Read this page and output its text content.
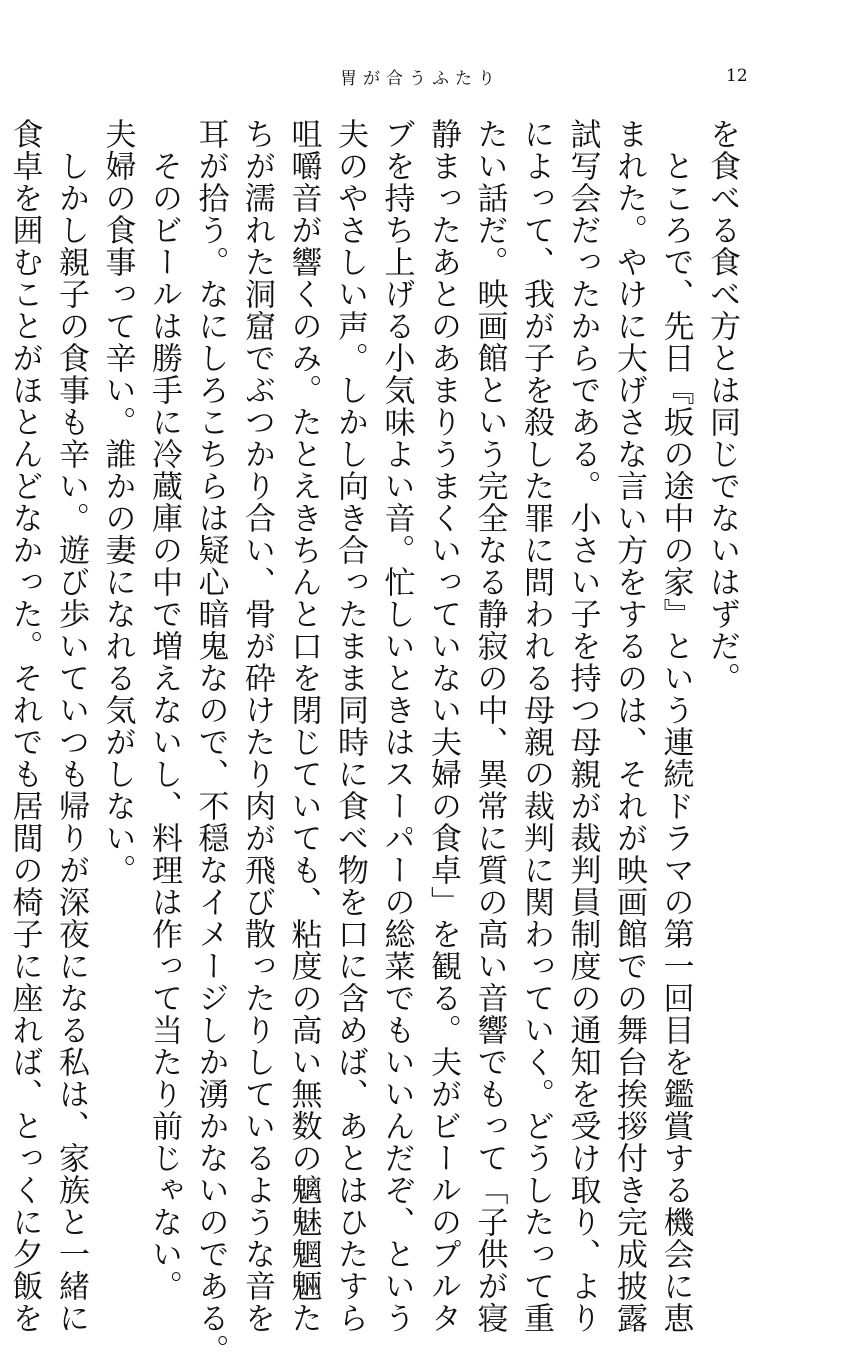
胃が合うふたり	12
を食べる食べ方とは同じでないはずだ。
　ところで、先日『坂の途中の家』という連続ドラマの第一回目を鑑賞する機会に恵
まれた。やけに大げさな言い方をするのは、それが映画館での舞台挨拶付き完成披露
試写会だったからである。小さい子を持つ母親が裁判員制度の通知を受け取り、より
によって、我が子を殺した罪に問われる母親の裁判に関わっていく。どうしたって重
たい話だ。映画館という完全なる静寂の中、異常に質の高い音響でもって「子供が寝
静まったあとのあまりうまくいっていない夫婦の食卓」を観る。夫がビールのプルタ
ブを持ち上げる小気味よい音。忙しいときはスーパーの総菜でもいいんだぞ、という
夫のやさしい声。しかし向き合ったまま同時に食べ物を口に含めば、あとはひたすら
咀嚼音が響くのみ。たとえきちんと口を閉じていても、粘度の高い無数の魑魅魍魎た
ちが濡れた洞窟でぶつかり合い、骨が砕けたり肉が飛び散ったりしているような音を
耳が拾う。なにしろこちらは疑心暗鬼なので、不穏なイメージしか湧かないのである。
　そのビールは勝手に冷蔵庫の中で増えないし、料理は作って当たり前じゃない。
夫婦の食事って辛い。誰かの妻になれる気がしない。
　しかし親子の食事も辛い。遊び歩いていつも帰りが深夜になる私は、家族と一緒に
食卓を囲むことがほとんどなかった。それでも居間の椅子に座れば、とっくに夕飯を
